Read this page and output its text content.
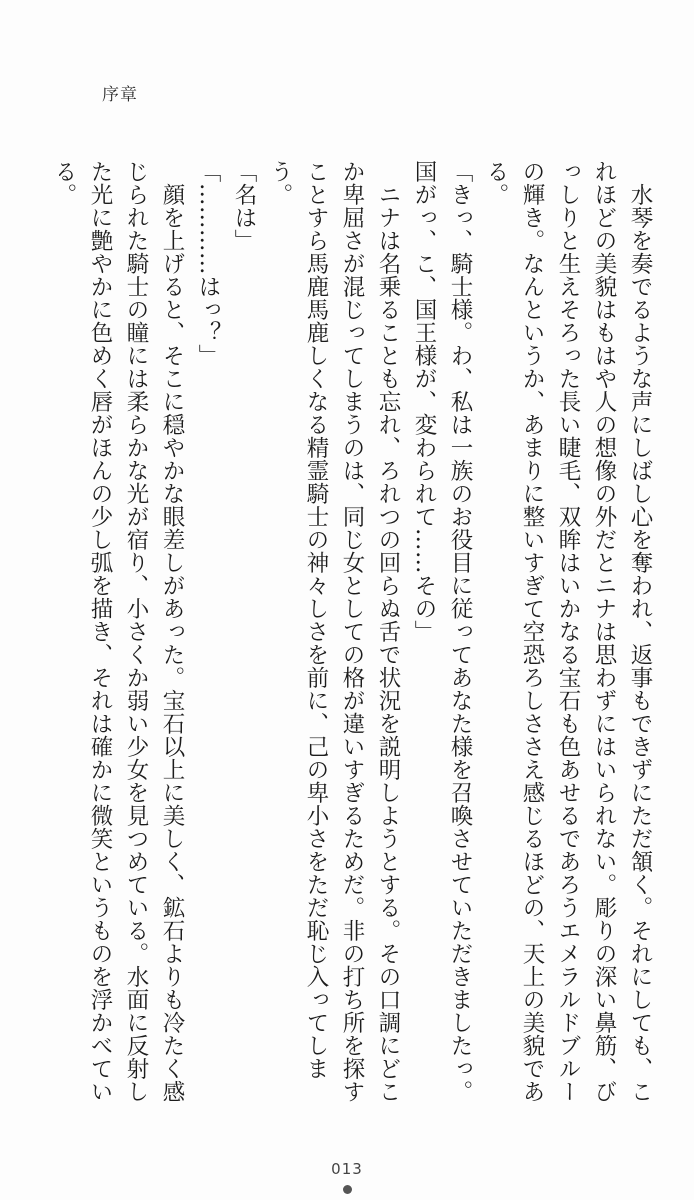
序章

水琴を奏でるような声にしばし心を奪われ、返事もできずにただ頷く。それにしても、これほどの美貌はもはや人の想像の外だとニナは思わずにはいられない。彫りの深い鼻筋、びっしりと生えそろった長い睫毛、双眸はいかなる宝石も色あせるであろうエメラルドブルーの輝き。なんというか、あまりに整いすぎて空恐ろしささえ感じるほどの、天上の美貌である。

「きっ、騎士様。わ、私は一族のお役目に従ってあなた様を召喚させていただきましたっ。国がっ、こ、国王様が、変わられて……その」

ニナは名乗ることも忘れ、ろれつの回らぬ舌で状況を説明しようとする。その口調にどこか卑屈さが混じってしまうのは、同じ女としての格が違いすぎるためだ。非の打ち所を探すことすら馬鹿馬鹿しくなる精霊騎士の神々しさを前に、己の卑小さをただ恥じ入ってしまう。

「名は」

「…………はっ？」

顔を上げると、そこに穏やかな眼差しがあった。宝石以上に美しく、鉱石よりも冷たく感じられた騎士の瞳には柔らかな光が宿り、小さくか弱い少女を見つめている。水面に反射した光に艶やかに色めく唇がほんの少し弧を描き、それは確かに微笑というものを浮かべている。

013
